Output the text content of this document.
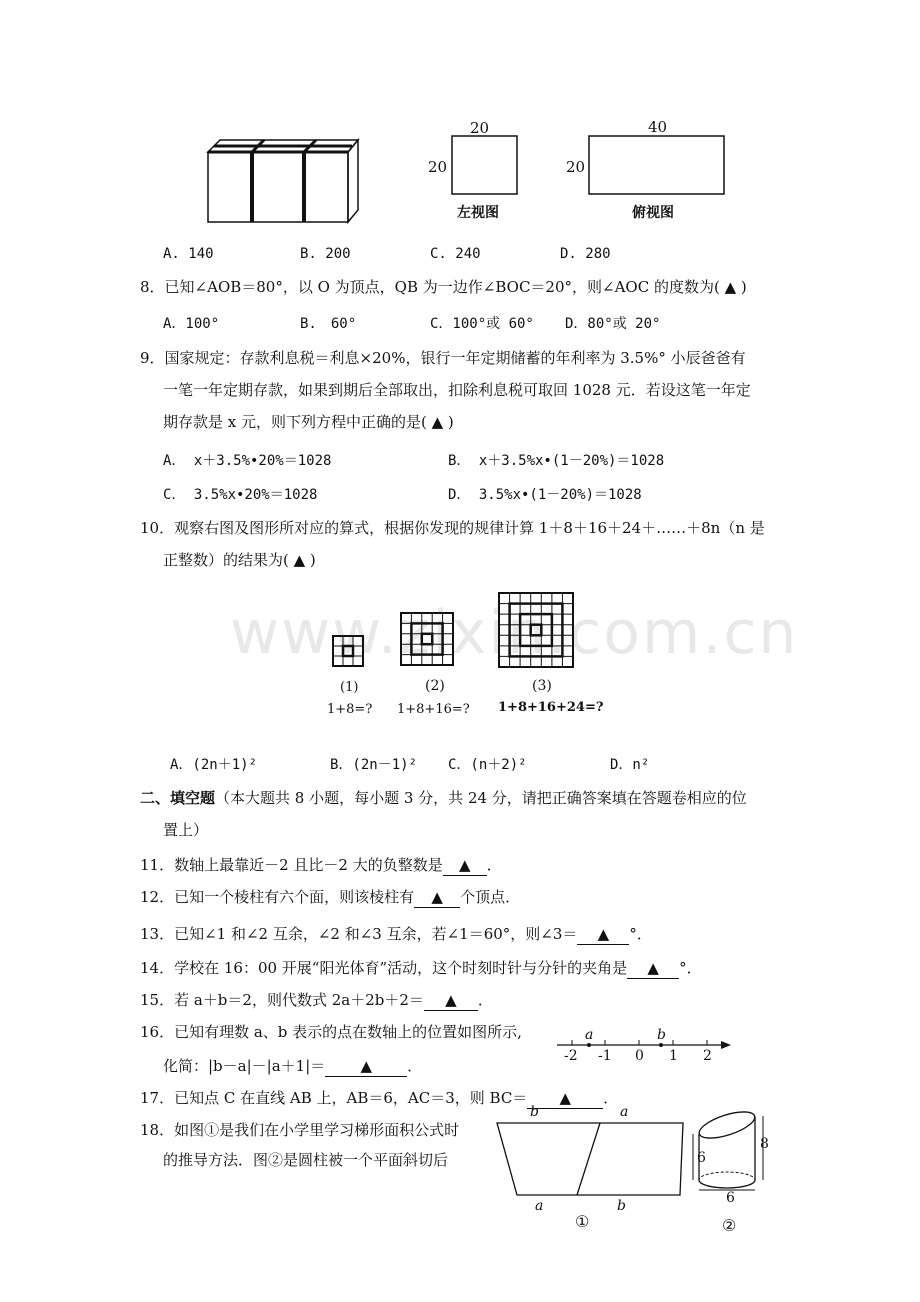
www.zixin.com.cn
20
20
左视图
40
20
俯视图
A. 140	B. 200	C. 240	D. 280
8．已知∠AOB＝80°，以 O 为顶点，QB 为一边作∠BOC＝20°，则∠AOC 的度数为( ▲ )
A．100°	B.　60°	C．100°或 60° D．80°或 20°
9．国家规定：存款利息税＝利息×20%，银行一年定期储蓄的年利率为 3.5%° 小辰爸爸有
一笔一年定期存款，如果到期后全部取出，扣除利息税可取回 1028 元．若设这笔一年定
期存款是 x 元，则下列方程中正确的是( ▲ )
A． x＋3.5%•20%＝1028	B． x＋3.5%x•(1－20%)＝1028
C． 3.5%x•20%＝1028	D． 3.5%x•(1－20%)＝1028
10．观察右图及图形所对应的算式，根据你发现的规律计算 1＋8＋16＋24＋……＋8n（n 是
正整数）的结果为( ▲ )
(1)	(2)	(3)
1+8=? 1+8+16=? 1+8+16+24=?
A．(2n＋1)²	B．(2n－1)² C．(n＋2)²	D．n²
二、填空题（本大题共 8 小题，每小题 3 分，共 24 分，请把正确答案填在答题卷相应的位
置上）
11．数轴上最靠近－2 且比－2 大的负整数是 ▲ ．
12．已知一个棱柱有六个面，则该棱柱有 ▲ 个顶点．
13．已知∠1 和∠2 互余，∠2 和∠3 互余，若∠1＝60°，则∠3＝ ▲ °．
14．学校在 16：00 开展“阳光体育”活动，这个时刻时针与分针的夹角是 ▲ °．
15．若 a＋b＝2，则代数式 2a＋2b＋2＝ ▲ ．
16．已知有理数 a、b 表示的点在数轴上的位置如图所示,
化简：|b－a|－|a＋1|＝ ▲ ．
-2 -1 0 1 2
a	b
17．已知点 C 在直线 AB 上，AB＝6，AC＝3，则 BC＝ ▲ ．
18．如图①是我们在小学里学习梯形面积公式时
的推导方法．图②是圆柱被一个平面斜切后
b	a
a	b
①
6
8
6
②
